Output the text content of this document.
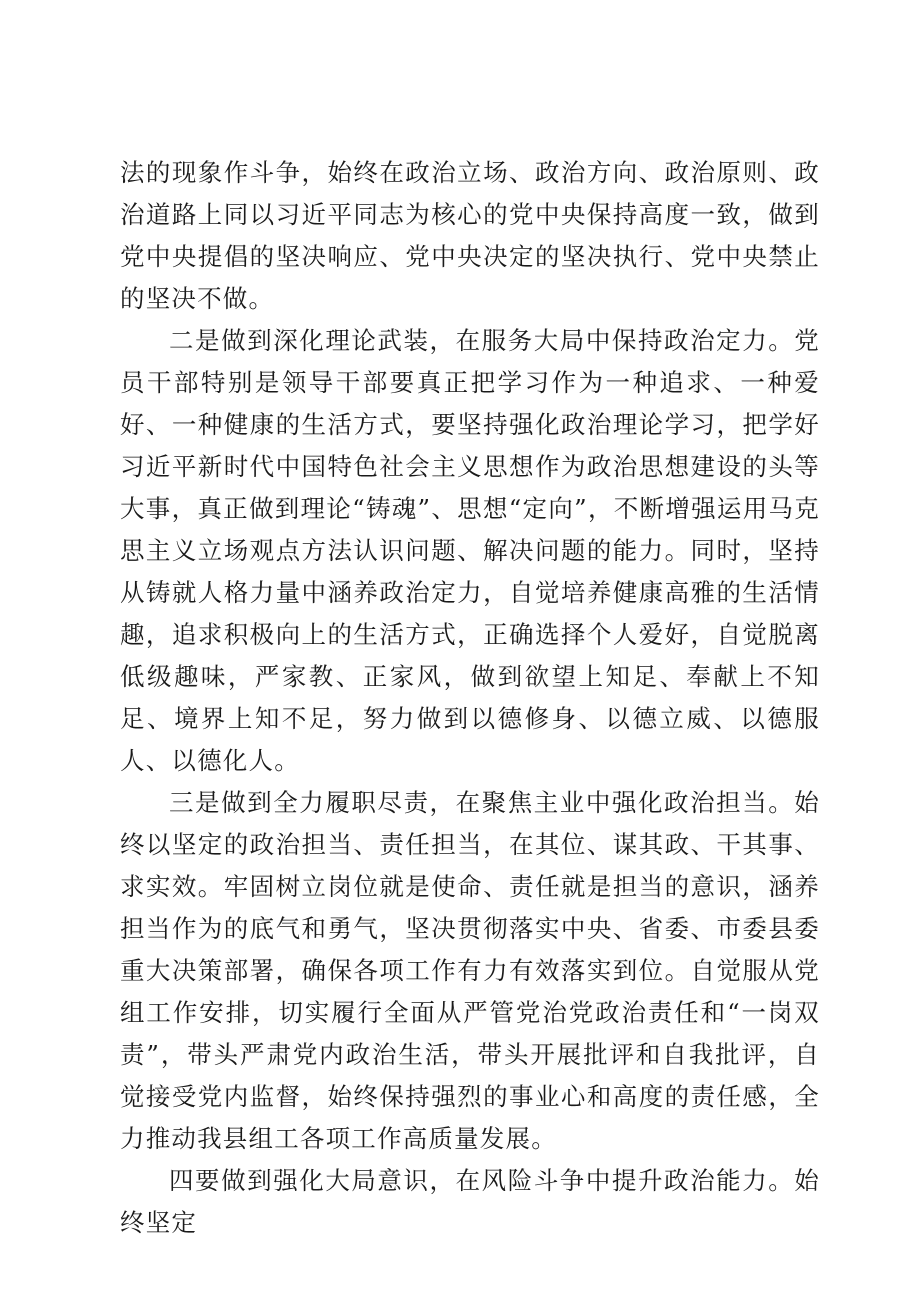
法的现象作斗争，始终在政治立场、政治方向、政治原则、政治道路上同以习近平同志为核心的党中央保持高度一致，做到党中央提倡的坚决响应、党中央决定的坚决执行、党中央禁止的坚决不做。

二是做到深化理论武装，在服务大局中保持政治定力。党员干部特别是领导干部要真正把学习作为一种追求、一种爱好、一种健康的生活方式，要坚持强化政治理论学习，把学好习近平新时代中国特色社会主义思想作为政治思想建设的头等大事，真正做到理论“铸魂”、思想“定向”，不断增强运用马克思主义立场观点方法认识问题、解决问题的能力。同时，坚持从铸就人格力量中涵养政治定力，自觉培养健康高雅的生活情趣，追求积极向上的生活方式，正确选择个人爱好，自觉脱离低级趣味，严家教、正家风，做到欲望上知足、奉献上不知足、境界上知不足，努力做到以德修身、以德立威、以德服人、以德化人。

三是做到全力履职尽责，在聚焦主业中强化政治担当。始终以坚定的政治担当、责任担当，在其位、谋其政、干其事、求实效。牢固树立岗位就是使命、责任就是担当的意识，涵养担当作为的底气和勇气，坚决贯彻落实中央、省委、市委县委重大决策部署，确保各项工作有力有效落实到位。自觉服从党组工作安排，切实履行全面从严管党治党政治责任和“一岗双责”，带头严肃党内政治生活，带头开展批评和自我批评，自觉接受党内监督，始终保持强烈的事业心和高度的责任感，全力推动我县组工各项工作高质量发展。

四要做到强化大局意识，在风险斗争中提升政治能力。始终坚定
